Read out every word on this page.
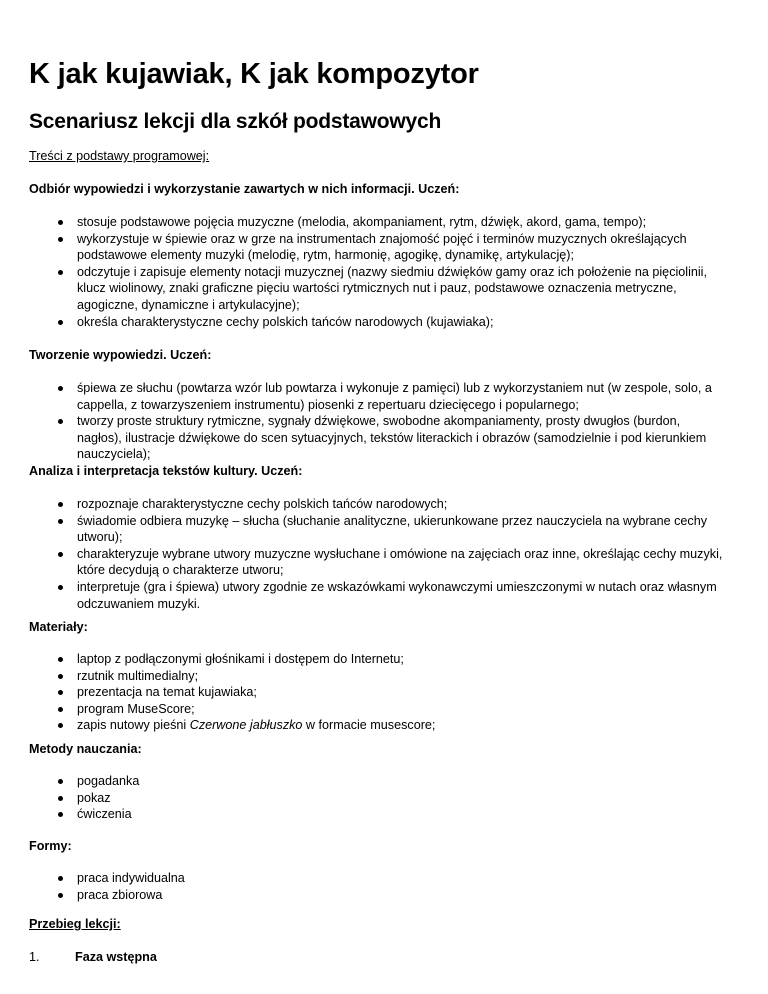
K jak kujawiak, K jak kompozytor
Scenariusz lekcji dla szkół podstawowych
Treści z podstawy programowej:
Odbiór wypowiedzi i wykorzystanie zawartych w nich informacji. Uczeń:
stosuje podstawowe pojęcia muzyczne (melodia, akompaniament, rytm, dźwięk, akord, gama, tempo);
wykorzystuje w śpiewie oraz w grze na instrumentach znajomość pojęć i terminów muzycznych określających podstawowe elementy muzyki (melodię, rytm, harmonię, agogikę, dynamikę, artykulację);
odczytuje i zapisuje elementy notacji muzycznej (nazwy siedmiu dźwięków gamy oraz ich położenie na pięciolinii, klucz wiolinowy, znaki graficzne pięciu wartości rytmicznych nut i pauz, podstawowe oznaczenia metryczne, agogiczne, dynamiczne i artykulacyjne);
określa charakterystyczne cechy polskich tańców narodowych (kujawiaka);
Tworzenie wypowiedzi. Uczeń:
śpiewa ze słuchu (powtarza wzór lub powtarza i wykonuje z pamięci) lub z wykorzystaniem nut (w zespole, solo, a cappella, z towarzyszeniem instrumentu) piosenki z repertuaru dziecięcego i popularnego;
tworzy proste struktury rytmiczne, sygnały dźwiękowe, swobodne akompaniamenty, prosty dwugłos (burdon, nagłos), ilustracje dźwiękowe do scen sytuacyjnych, tekstów literackich i obrazów (samodzielnie i pod kierunkiem nauczyciela);
Analiza i interpretacja tekstów kultury. Uczeń:
rozpoznaje charakterystyczne cechy polskich tańców narodowych;
świadomie odbiera muzykę – słucha (słuchanie analityczne, ukierunkowane przez nauczyciela na wybrane cechy utworu);
charakteryzuje wybrane utwory muzyczne wysłuchane i omówione na zajęciach oraz inne, określając cechy muzyki, które decydują o charakterze utworu;
interpretuje (gra i śpiewa) utwory zgodnie ze wskazówkami wykonawczymi umieszczonymi w nutach oraz własnym odczuwaniem muzyki.
Materiały:
laptop z podłączonymi głośnikami i dostępem do Internetu;
rzutnik multimedialny;
prezentacja na temat kujawiaka;
program MuseScore;
zapis nutowy pieśni Czerwone jabłuszko w formacie musescore;
Metody nauczania:
pogadanka
pokaz
ćwiczenia
Formy:
praca indywidualna
praca zbiorowa
Przebieg lekcji:
1.	Faza wstępna
